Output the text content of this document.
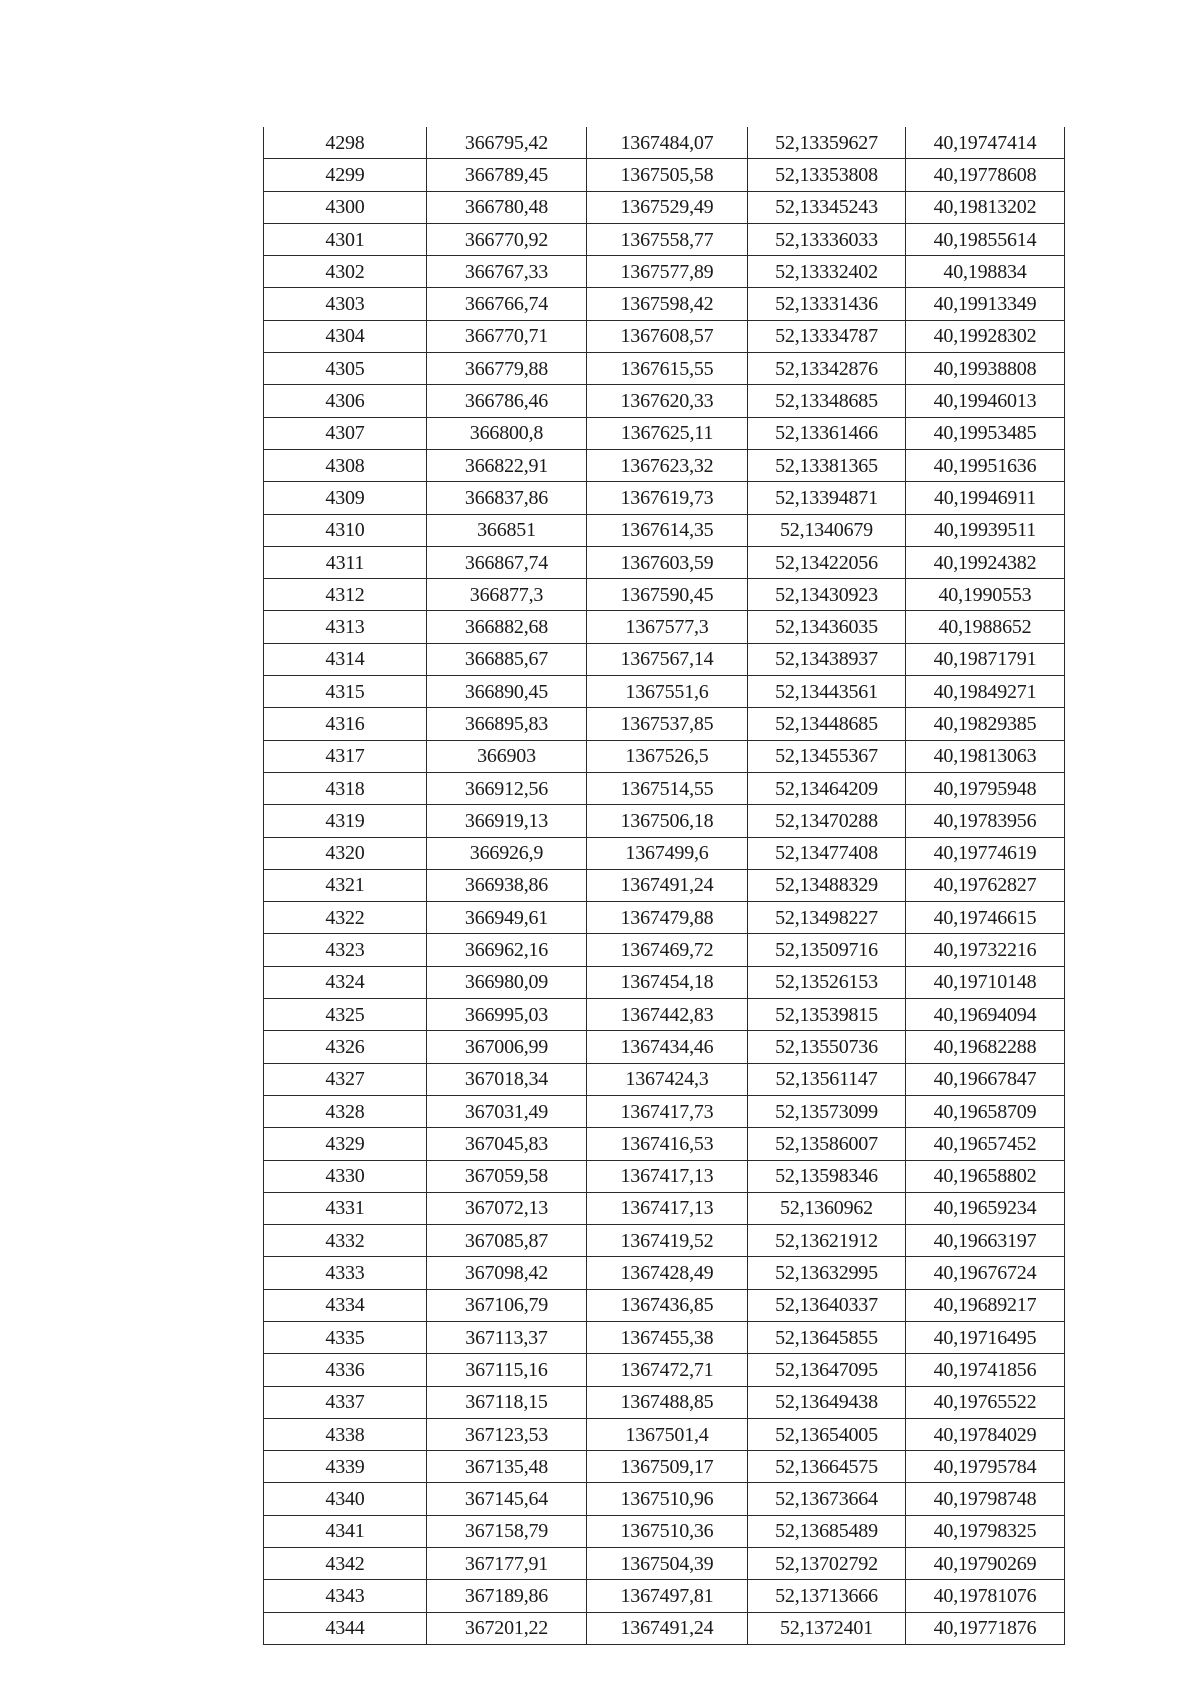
4298	366795,42	1367484,07	52,13359627	40,19747414
4299	366789,45	1367505,58	52,13353808	40,19778608
4300	366780,48	1367529,49	52,13345243	40,19813202
4301	366770,92	1367558,77	52,13336033	40,19855614
4302	366767,33	1367577,89	52,13332402	40,198834
4303	366766,74	1367598,42	52,13331436	40,19913349
4304	366770,71	1367608,57	52,13334787	40,19928302
4305	366779,88	1367615,55	52,13342876	40,19938808
4306	366786,46	1367620,33	52,13348685	40,19946013
4307	366800,8	1367625,11	52,13361466	40,19953485
4308	366822,91	1367623,32	52,13381365	40,19951636
4309	366837,86	1367619,73	52,13394871	40,19946911
4310	366851	1367614,35	52,1340679	40,19939511
4311	366867,74	1367603,59	52,13422056	40,19924382
4312	366877,3	1367590,45	52,13430923	40,1990553
4313	366882,68	1367577,3	52,13436035	40,1988652
4314	366885,67	1367567,14	52,13438937	40,19871791
4315	366890,45	1367551,6	52,13443561	40,19849271
4316	366895,83	1367537,85	52,13448685	40,19829385
4317	366903	1367526,5	52,13455367	40,19813063
4318	366912,56	1367514,55	52,13464209	40,19795948
4319	366919,13	1367506,18	52,13470288	40,19783956
4320	366926,9	1367499,6	52,13477408	40,19774619
4321	366938,86	1367491,24	52,13488329	40,19762827
4322	366949,61	1367479,88	52,13498227	40,19746615
4323	366962,16	1367469,72	52,13509716	40,19732216
4324	366980,09	1367454,18	52,13526153	40,19710148
4325	366995,03	1367442,83	52,13539815	40,19694094
4326	367006,99	1367434,46	52,13550736	40,19682288
4327	367018,34	1367424,3	52,13561147	40,19667847
4328	367031,49	1367417,73	52,13573099	40,19658709
4329	367045,83	1367416,53	52,13586007	40,19657452
4330	367059,58	1367417,13	52,13598346	40,19658802
4331	367072,13	1367417,13	52,1360962	40,19659234
4332	367085,87	1367419,52	52,13621912	40,19663197
4333	367098,42	1367428,49	52,13632995	40,19676724
4334	367106,79	1367436,85	52,13640337	40,19689217
4335	367113,37	1367455,38	52,13645855	40,19716495
4336	367115,16	1367472,71	52,13647095	40,19741856
4337	367118,15	1367488,85	52,13649438	40,19765522
4338	367123,53	1367501,4	52,13654005	40,19784029
4339	367135,48	1367509,17	52,13664575	40,19795784
4340	367145,64	1367510,96	52,13673664	40,19798748
4341	367158,79	1367510,36	52,13685489	40,19798325
4342	367177,91	1367504,39	52,13702792	40,19790269
4343	367189,86	1367497,81	52,13713666	40,19781076
4344	367201,22	1367491,24	52,1372401	40,19771876
